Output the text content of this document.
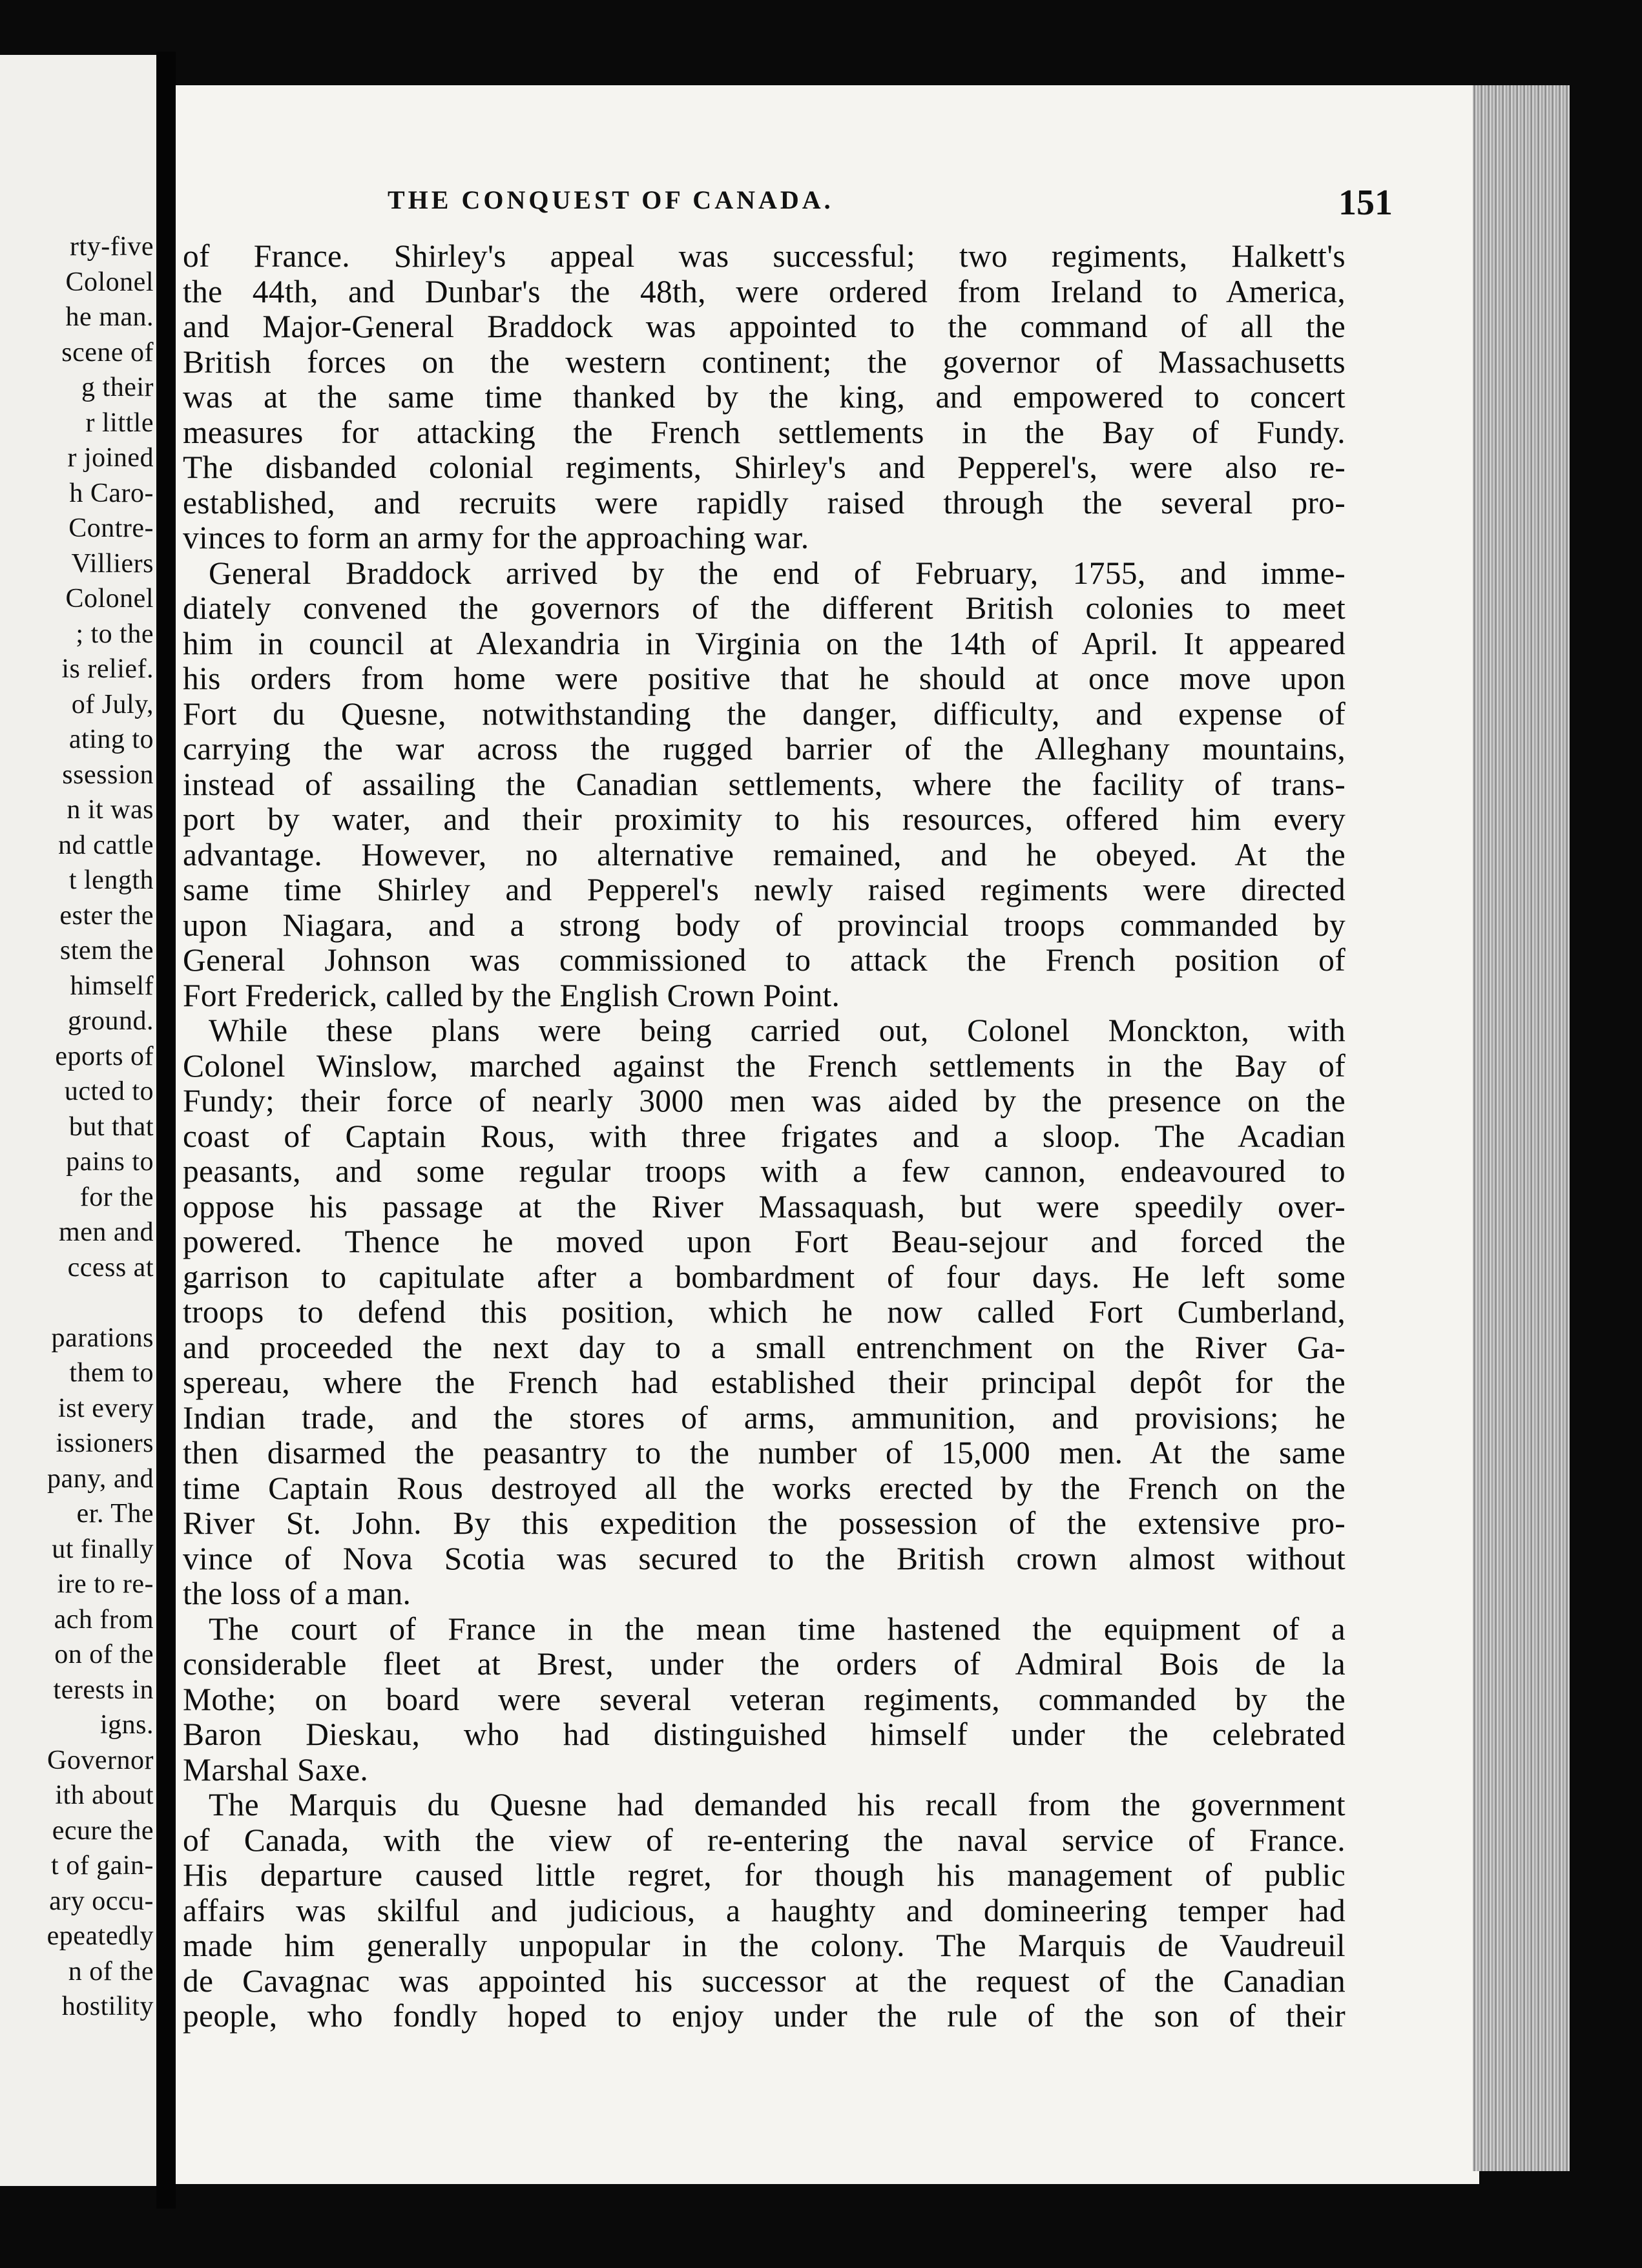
rty-five
Colonel
he man.
scene of
g their
r little
r joined
h Caro-
Contre-
Villiers
Colonel
; to the
is relief.
of July,
ating to
ssession
n it was
nd cattle
t length
ester the
stem the
himself
ground.
eports of
ucted to
but that
pains to
for the
men and
ccess at
parations
them to
ist every
issioners
pany, and
er. The
ut finally
ire to re-
ach from
on of the
terests in
igns.
Governor
ith about
ecure the
t of gain-
ary occu-
epeatedly
n of the
hostility
THE CONQUEST OF CANADA.	151
of France. Shirley's appeal was successful; two regiments, Halkett's
the 44th, and Dunbar's the 48th, were ordered from Ireland to America,
and Major-General Braddock was appointed to the command of all the
British forces on the western continent; the governor of Massachusetts
was at the same time thanked by the king, and empowered to concert
measures for attacking the French settlements in the Bay of Fundy.
The disbanded colonial regiments, Shirley's and Pepperel's, were also re-
established, and recruits were rapidly raised through the several pro-
vinces to form an army for the approaching war.
General Braddock arrived by the end of February, 1755, and imme-
diately convened the governors of the different British colonies to meet
him in council at Alexandria in Virginia on the 14th of April. It appeared
his orders from home were positive that he should at once move upon
Fort du Quesne, notwithstanding the danger, difficulty, and expense of
carrying the war across the rugged barrier of the Alleghany mountains,
instead of assailing the Canadian settlements, where the facility of trans-
port by water, and their proximity to his resources, offered him every
advantage. However, no alternative remained, and he obeyed. At the
same time Shirley and Pepperel's newly raised regiments were directed
upon Niagara, and a strong body of provincial troops commanded by
General Johnson was commissioned to attack the French position of
Fort Frederick, called by the English Crown Point.
While these plans were being carried out, Colonel Monckton, with
Colonel Winslow, marched against the French settlements in the Bay of
Fundy; their force of nearly 3000 men was aided by the presence on the
coast of Captain Rous, with three frigates and a sloop. The Acadian
peasants, and some regular troops with a few cannon, endeavoured to
oppose his passage at the River Massaquash, but were speedily over-
powered. Thence he moved upon Fort Beau-sejour and forced the
garrison to capitulate after a bombardment of four days. He left some
troops to defend this position, which he now called Fort Cumberland,
and proceeded the next day to a small entrenchment on the River Ga-
spereau, where the French had established their principal depôt for the
Indian trade, and the stores of arms, ammunition, and provisions; he
then disarmed the peasantry to the number of 15,000 men. At the same
time Captain Rous destroyed all the works erected by the French on the
River St. John. By this expedition the possession of the extensive pro-
vince of Nova Scotia was secured to the British crown almost without
the loss of a man.
The court of France in the mean time hastened the equipment of a
considerable fleet at Brest, under the orders of Admiral Bois de la
Mothe; on board were several veteran regiments, commanded by the
Baron Dieskau, who had distinguished himself under the celebrated
Marshal Saxe.
The Marquis du Quesne had demanded his recall from the government
of Canada, with the view of re-entering the naval service of France.
His departure caused little regret, for though his management of public
affairs was skilful and judicious, a haughty and domineering temper had
made him generally unpopular in the colony. The Marquis de Vaudreuil
de Cavagnac was appointed his successor at the request of the Canadian
people, who fondly hoped to enjoy under the rule of the son of their
